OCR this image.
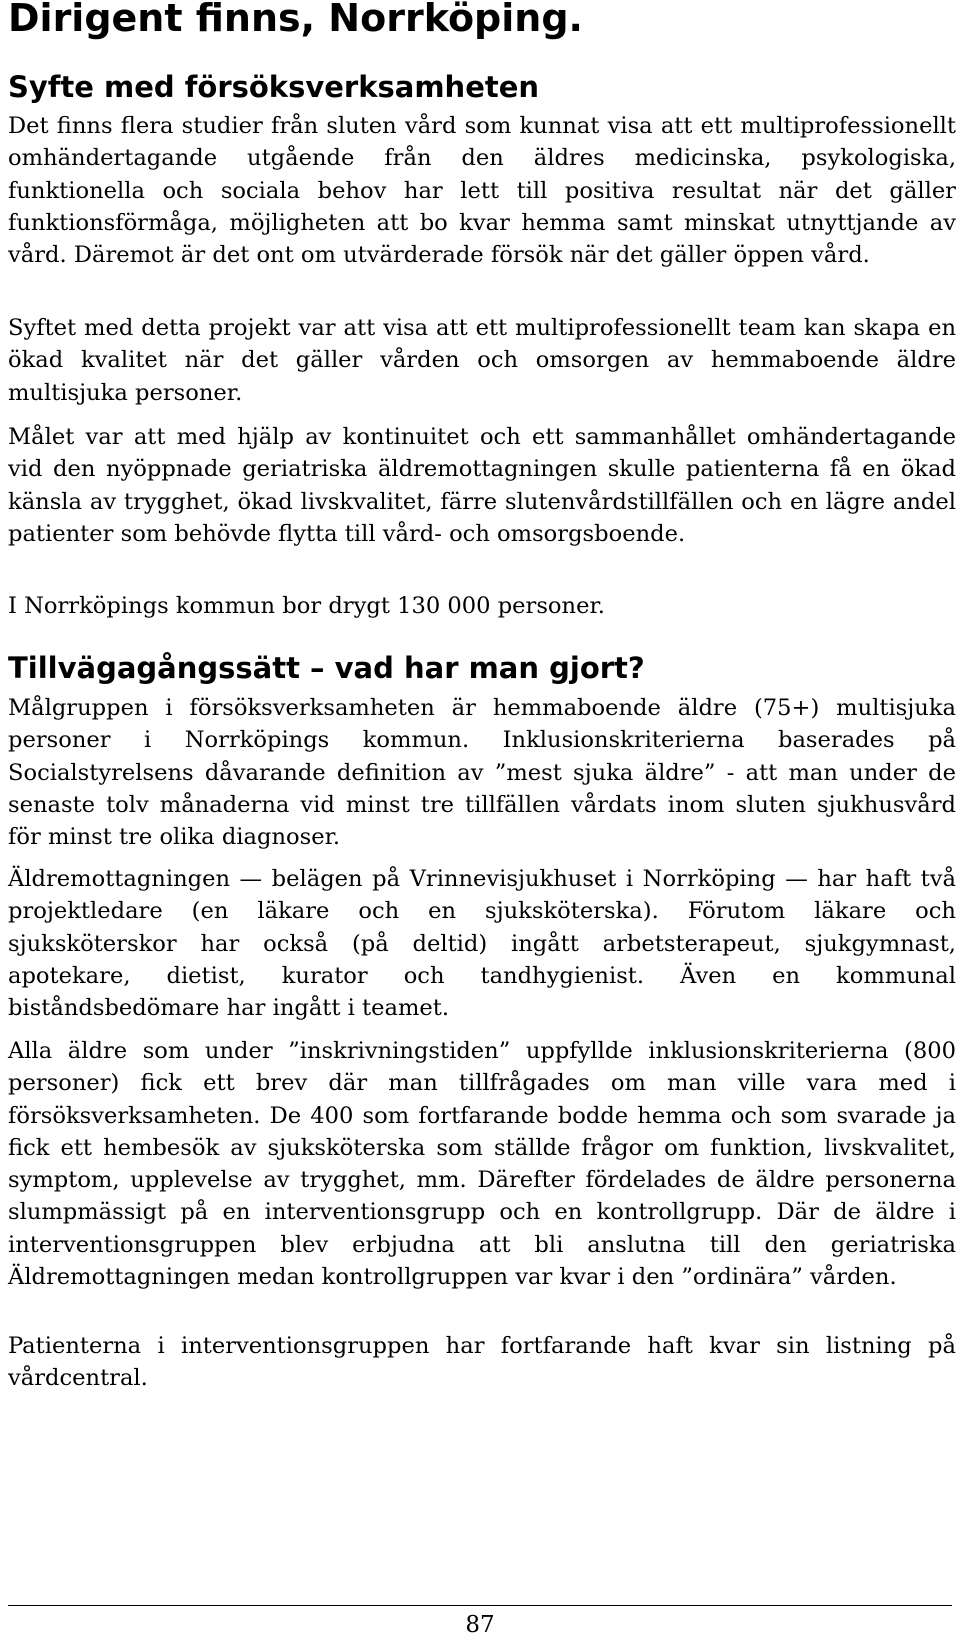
Dirigent finns, Norrköping.
Syfte med försöksverksamheten

Det finns flera studier från sluten vård som kunnat visa att ett multiprofessionellt omhändertagande utgående från den äldres medicinska, psykologiska, funktionella och sociala behov har lett till positiva resultat när det gäller funktionsförmåga, möjligheten att bo kvar hemma samt minskat utnyttjande av vård. Däremot är det ont om utvärderade försök när det gäller öppen vård.

Syftet med detta projekt var att visa att ett multiprofessionellt team kan skapa en ökad kvalitet när det gäller vården och omsorgen av hemmaboende äldre multisjuka personer.

Målet var att med hjälp av kontinuitet och ett sammanhållet omhändertagande vid den nyöppnade geriatriska äldremottagningen skulle patienterna få en ökad känsla av trygghet, ökad livskvalitet, färre slutenvårdstillfällen och en lägre andel patienter som behövde flytta till vård- och omsorgsboende.

I Norrköpings kommun bor drygt 130 000 personer.

Tillvägagångssätt – vad har man gjort?

Målgruppen i försöksverksamheten är hemmaboende äldre (75+) multisjuka personer i Norrköpings kommun. Inklusionskriterierna baserades på Socialstyrelsens dåvarande definition av ”mest sjuka äldre” - att man under de senaste tolv månaderna vid minst tre tillfällen vårdats inom sluten sjukhusvård för minst tre olika diagnoser.

Äldremottagningen — belägen på Vrinnevisjukhuset i Norrköping — har haft två projektledare (en läkare och en sjuksköterska). Förutom läkare och sjuksköterskor har också (på deltid) ingått arbetsterapeut, sjukgymnast, apotekare, dietist, kurator och tandhygienist. Även en kommunal biståndsbedömare har ingått i teamet.

Alla äldre som under ”inskrivningstiden” uppfyllde inklusionskriterierna (800 personer) fick ett brev där man tillfrågades om man ville vara med i försöksverksamheten. De 400 som fortfarande bodde hemma och som svarade ja fick ett hembesök av sjuksköterska som ställde frågor om funktion, livskvalitet, symptom, upplevelse av trygghet, mm. Därefter fördelades de äldre personerna slumpmässigt på en interventionsgrupp och en kontrollgrupp. Där de äldre i interventionsgruppen blev erbjudna att bli anslutna till den geriatriska Äldremottagningen medan kontrollgruppen var kvar i den ”ordinära” vården.

Patienterna i interventionsgruppen har fortfarande haft kvar sin listning på vårdcentral.

87
